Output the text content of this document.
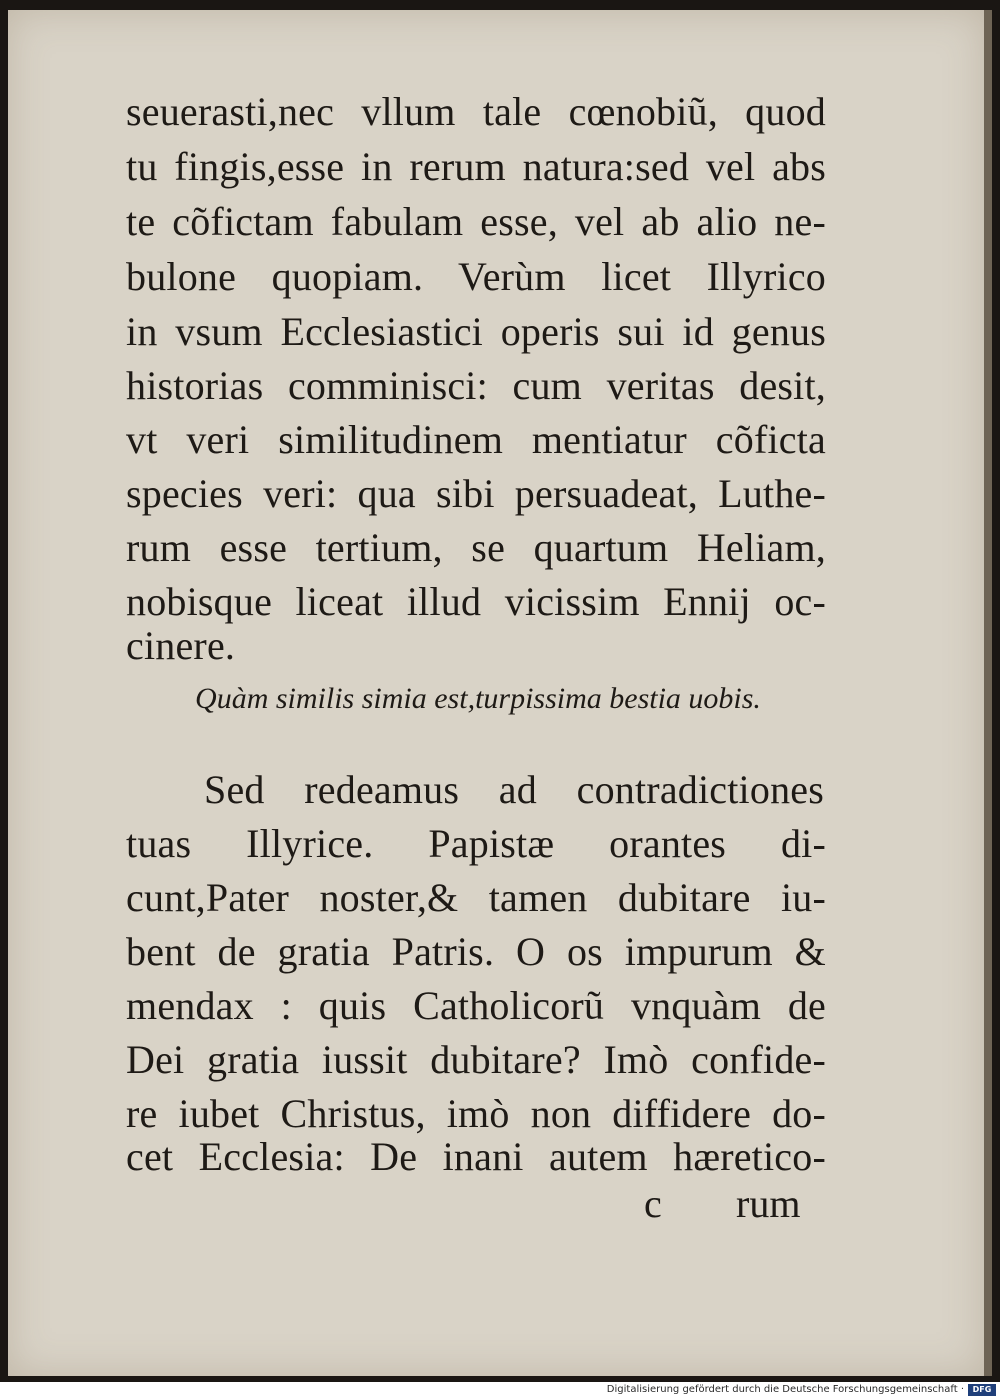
seuerasti,nec vllum tale cœnobiũ, quod
tu fingis,esse in rerum natura:sed vel abs
te cõfictam fabulam esse, vel ab alio ne-
bulone quopiam. Verùm licet Illyrico
in vsum Ecclesiastici operis sui id genus
historias comminisci: cum veritas desit,
vt veri similitudinem mentiatur cõficta
species veri: qua sibi persuadeat, Luthe-
rum esse tertium, se quartum Heliam,
nobisque liceat illud vicissim Ennij oc-
cinere.
Quàm similis simia est,turpissima bestia uobis.
Sed redeamus ad contradictiones
tuas Illyrice. Papistæ orantes di-
cunt,Pater noster,& tamen dubitare iu-
bent de gratia Patris. O os impurum &
mendax : quis Catholicorũ vnquàm de
Dei gratia iussit dubitare? Imò confide-
re iubet Christus, imò non diffidere do-
cet Ecclesia: De inani autem hæretico-
c rum
Digitalisierung gefördert durch die Deutsche Forschungsgemeinschaft ·	DFG
